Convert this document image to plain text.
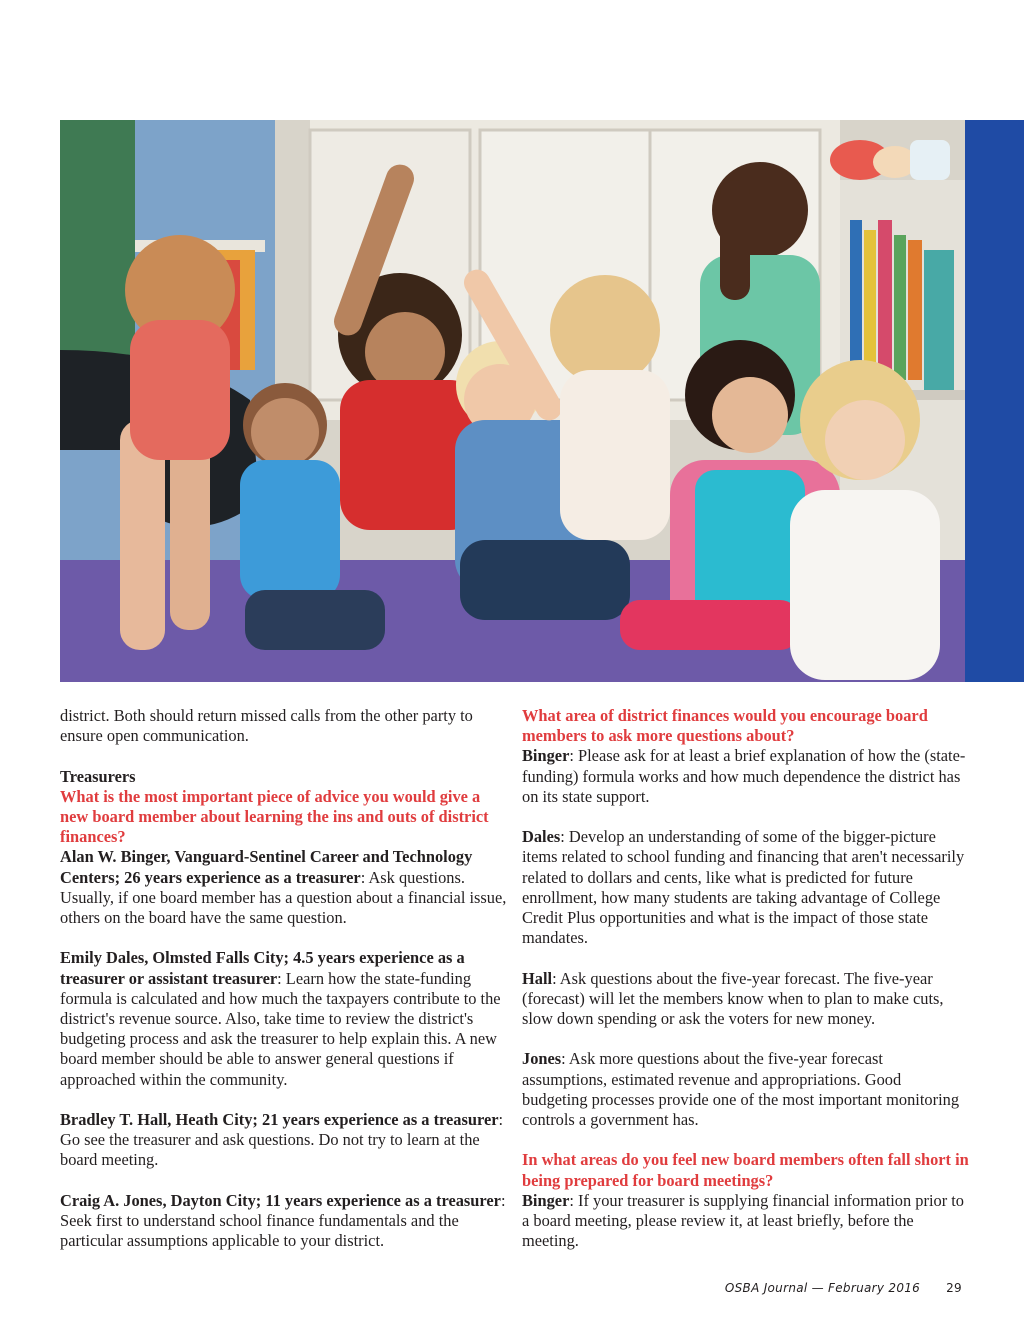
district. Both should return missed calls from the other party to ensure open communication.

Treasurers

What is the most important piece of advice you would give a new board member about learning the ins and outs of district finances?

Alan W. Binger, Vanguard-Sentinel Career and Technology Centers; 26 years experience as a treasurer: Ask questions. Usually, if one board member has a question about a financial issue, others on the board have the same question.

Emily Dales, Olmsted Falls City; 4.5 years experience as a treasurer or assistant treasurer: Learn how the state-funding formula is calculated and how much the taxpayers contribute to the district's revenue source. Also, take time to review the district's budgeting process and ask the treasurer to help explain this. A new board member should be able to answer general questions if approached within the community.

Bradley T. Hall, Heath City; 21 years experience as a treasurer: Go see the treasurer and ask questions. Do not try to learn at the board meeting.

Craig A. Jones, Dayton City; 11 years experience as a treasurer: Seek first to understand school finance fundamentals and the particular assumptions applicable to your district.

What area of district finances would you encourage board members to ask more questions about?

Binger: Please ask for at least a brief explanation of how the (state-funding) formula works and how much dependence the district has on its state support.

Dales: Develop an understanding of some of the bigger-picture items related to school funding and financing that aren't necessarily related to dollars and cents, like what is predicted for future enrollment, how many students are taking advantage of College Credit Plus opportunities and what is the impact of those state mandates.

Hall: Ask questions about the five-year forecast. The five-year (forecast) will let the members know when to plan to make cuts, slow down spending or ask the voters for new money.

Jones: Ask more questions about the five-year forecast assumptions, estimated revenue and appropriations. Good budgeting processes provide one of the most important monitoring controls a government has.

In what areas do you feel new board members often fall short in being prepared for board meetings?

Binger: If your treasurer is supplying financial information prior to a board meeting, please review it, at least briefly, before the meeting.

OSBA Journal — February 2016 29
